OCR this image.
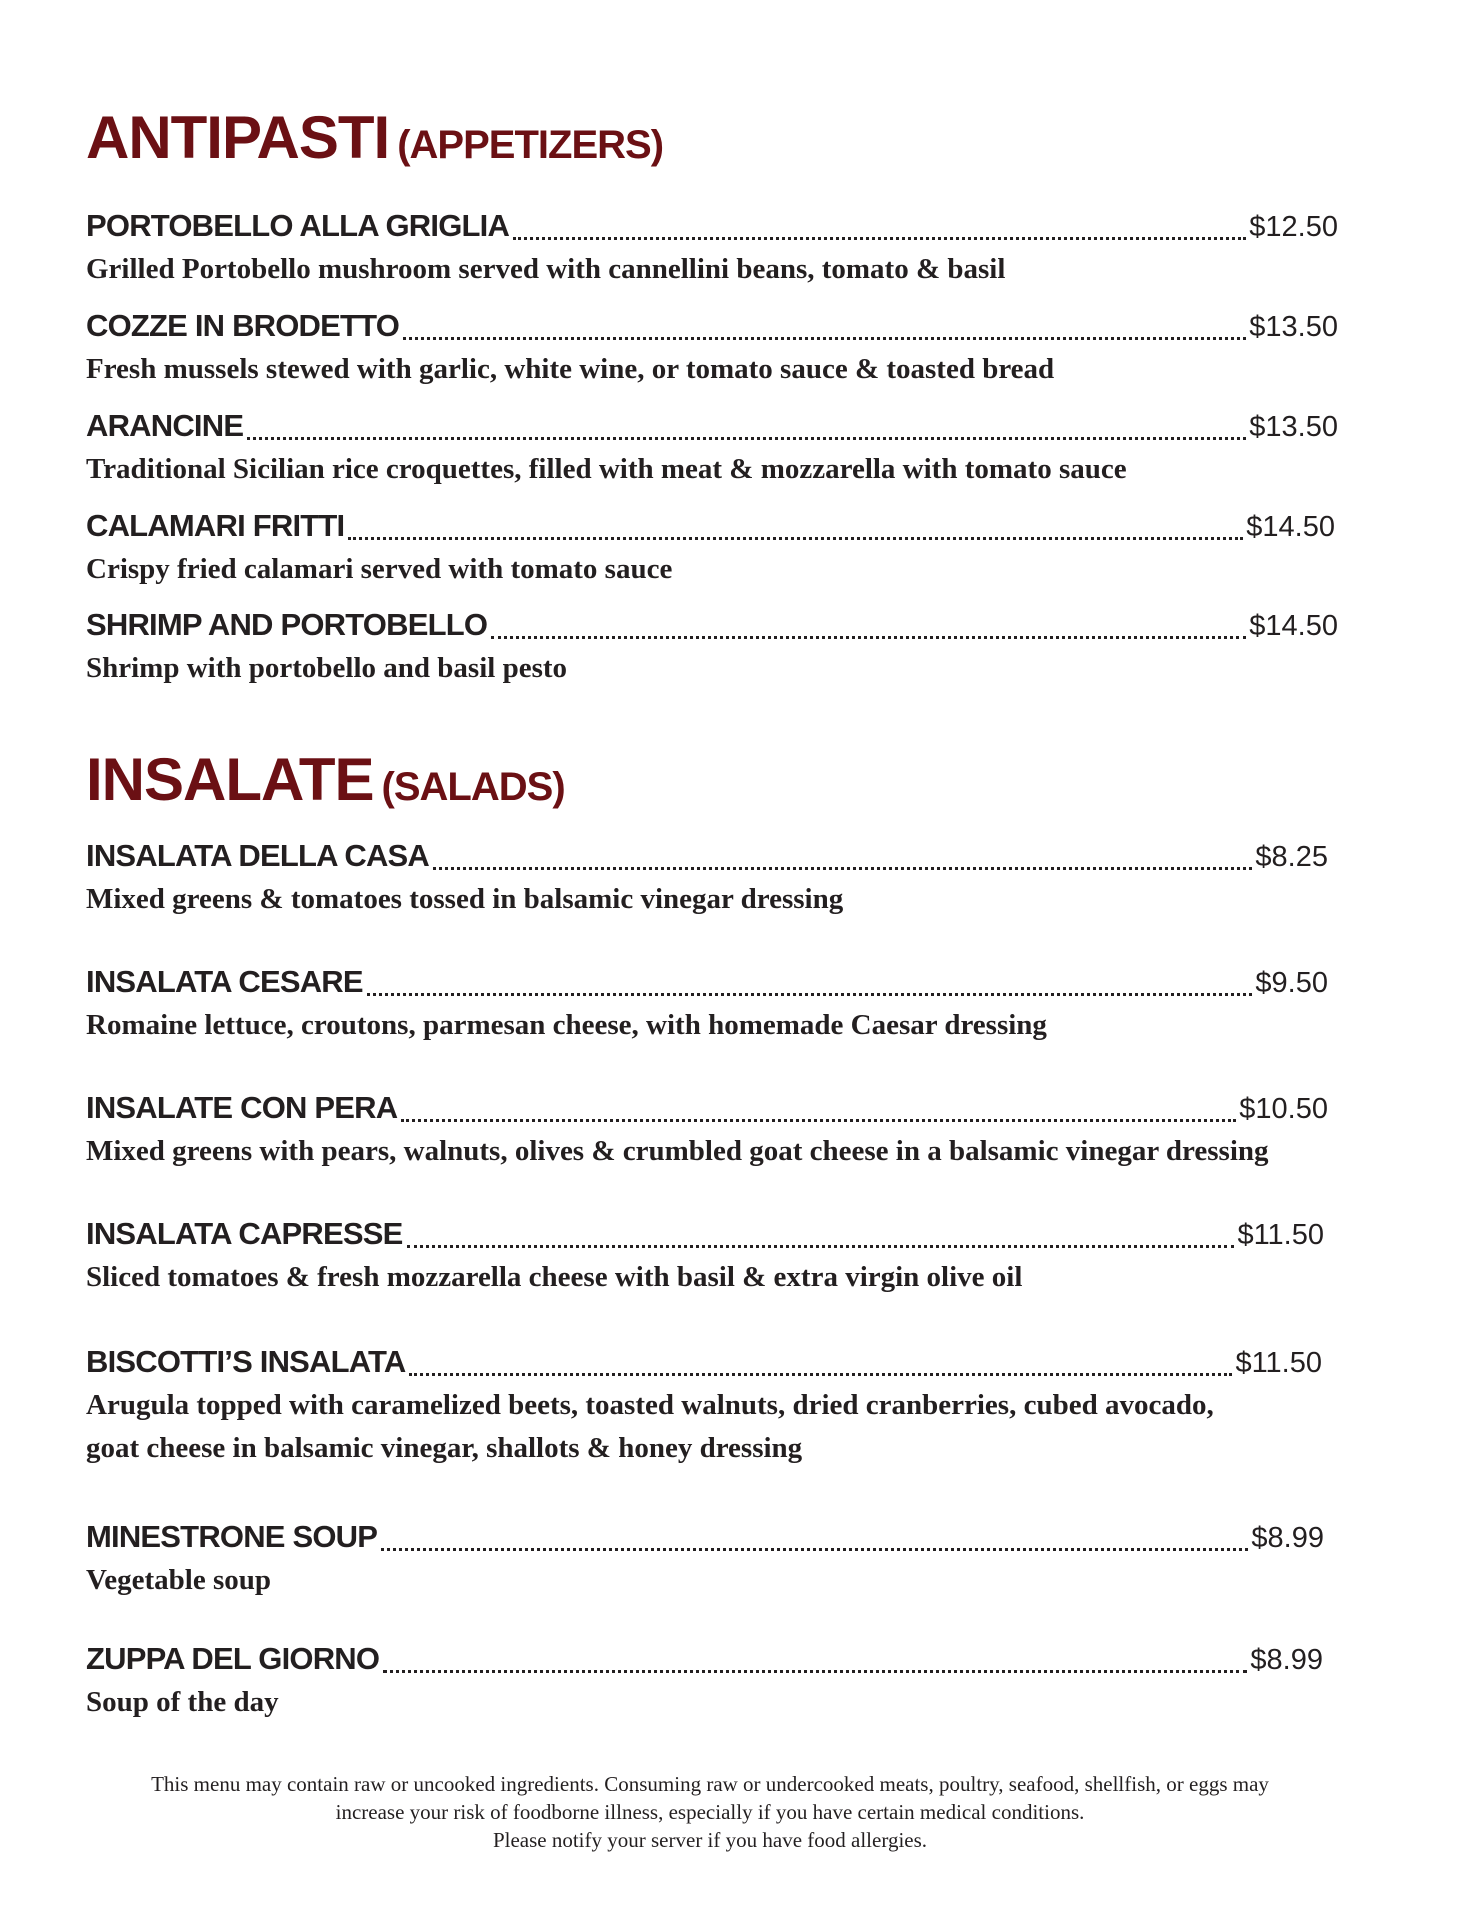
ANTIPASTI (APPETIZERS)
PORTOBELLO ALLA GRIGLIA	$12.50
Grilled Portobello mushroom served with cannellini beans, tomato & basil
COZZE IN BRODETTO	$13.50
Fresh mussels stewed with garlic, white wine, or tomato sauce & toasted bread
ARANCINE	$13.50
Traditional Sicilian rice croquettes, filled with meat & mozzarella with tomato sauce
CALAMARI FRITTI	$14.50
Crispy fried calamari served with tomato sauce
SHRIMP AND PORTOBELLO	$14.50
Shrimp with portobello and basil pesto
INSALATE (SALADS)
INSALATA DELLA CASA	$8.25
Mixed greens & tomatoes tossed in balsamic vinegar dressing
INSALATA CESARE	$9.50
Romaine lettuce, croutons, parmesan cheese, with homemade Caesar dressing
INSALATE CON PERA	$10.50
Mixed greens with pears, walnuts, olives & crumbled goat cheese in a balsamic vinegar dressing
INSALATA CAPRESSE	$11.50
Sliced tomatoes & fresh mozzarella cheese with basil & extra virgin olive oil
BISCOTTI’S INSALATA	$11.50
Arugula topped with caramelized beets, toasted walnuts, dried cranberries, cubed avocado,
goat cheese in balsamic vinegar, shallots & honey dressing
MINESTRONE SOUP	$8.99
Vegetable soup
ZUPPA DEL GIORNO	$8.99
Soup of the day

This menu may contain raw or uncooked ingredients. Consuming raw or undercooked meats, poultry, seafood, shellfish, or eggs may

increase your risk of foodborne illness, especially if you have certain medical conditions.

Please notify your server if you have food allergies.
